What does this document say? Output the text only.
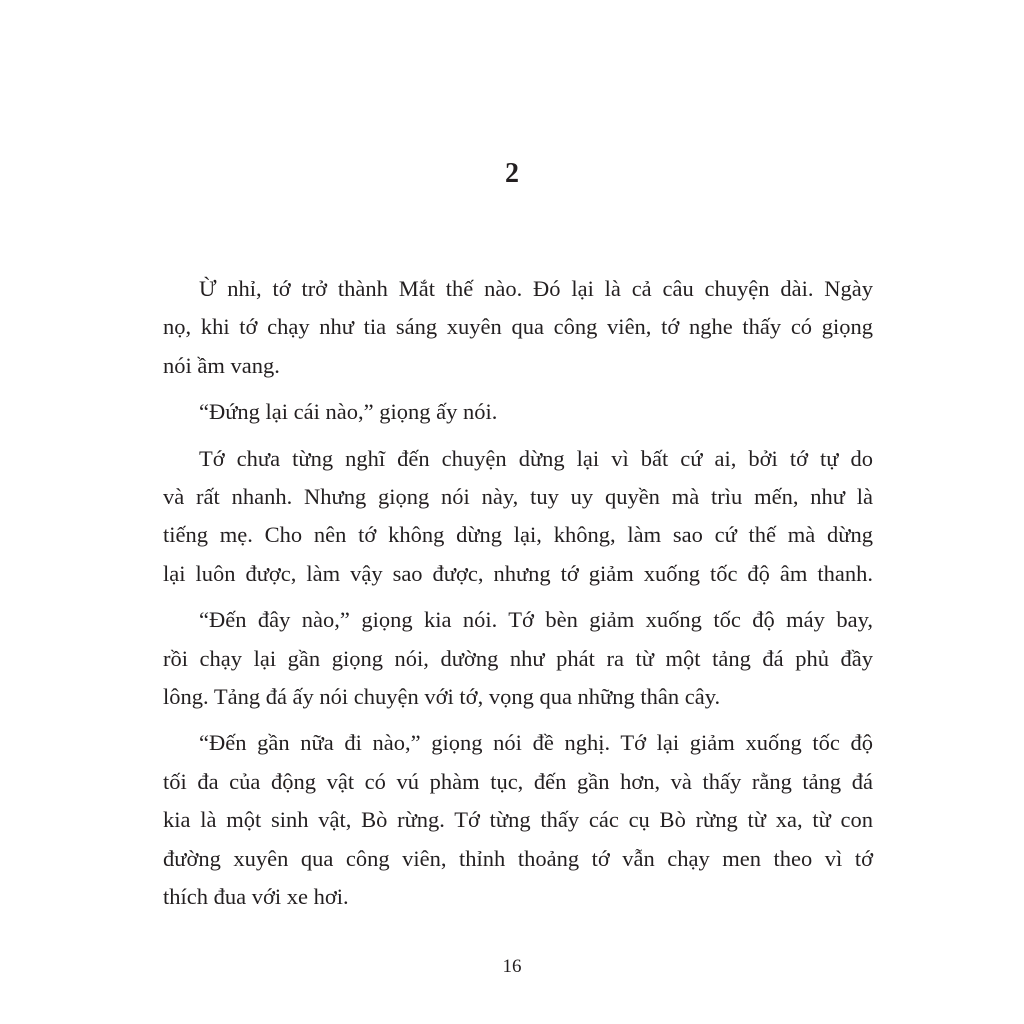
2

Ừ nhỉ, tớ trở thành Mắt thế nào. Đó lại là cả câu chuyện dài. Ngày
nọ, khi tớ chạy như tia sáng xuyên qua công viên, tớ nghe thấy có giọng
nói ầm vang.

“Đứng lại cái nào,” giọng ấy nói.

Tớ chưa từng nghĩ đến chuyện dừng lại vì bất cứ ai, bởi tớ tự do
và rất nhanh. Nhưng giọng nói này, tuy uy quyền mà trìu mến, như là
tiếng mẹ. Cho nên tớ không dừng lại, không, làm sao cứ thế mà dừng
lại luôn được, làm vậy sao được, nhưng tớ giảm xuống tốc độ âm thanh.

“Đến đây nào,” giọng kia nói. Tớ bèn giảm xuống tốc độ máy bay,
rồi chạy lại gần giọng nói, dường như phát ra từ một tảng đá phủ đầy
lông. Tảng đá ấy nói chuyện với tớ, vọng qua những thân cây.

“Đến gần nữa đi nào,” giọng nói đề nghị. Tớ lại giảm xuống tốc độ
tối đa của động vật có vú phàm tục, đến gần hơn, và thấy rằng tảng đá
kia là một sinh vật, Bò rừng. Tớ từng thấy các cụ Bò rừng từ xa, từ con
đường xuyên qua công viên, thỉnh thoảng tớ vẫn chạy men theo vì tớ
thích đua với xe hơi.

16
